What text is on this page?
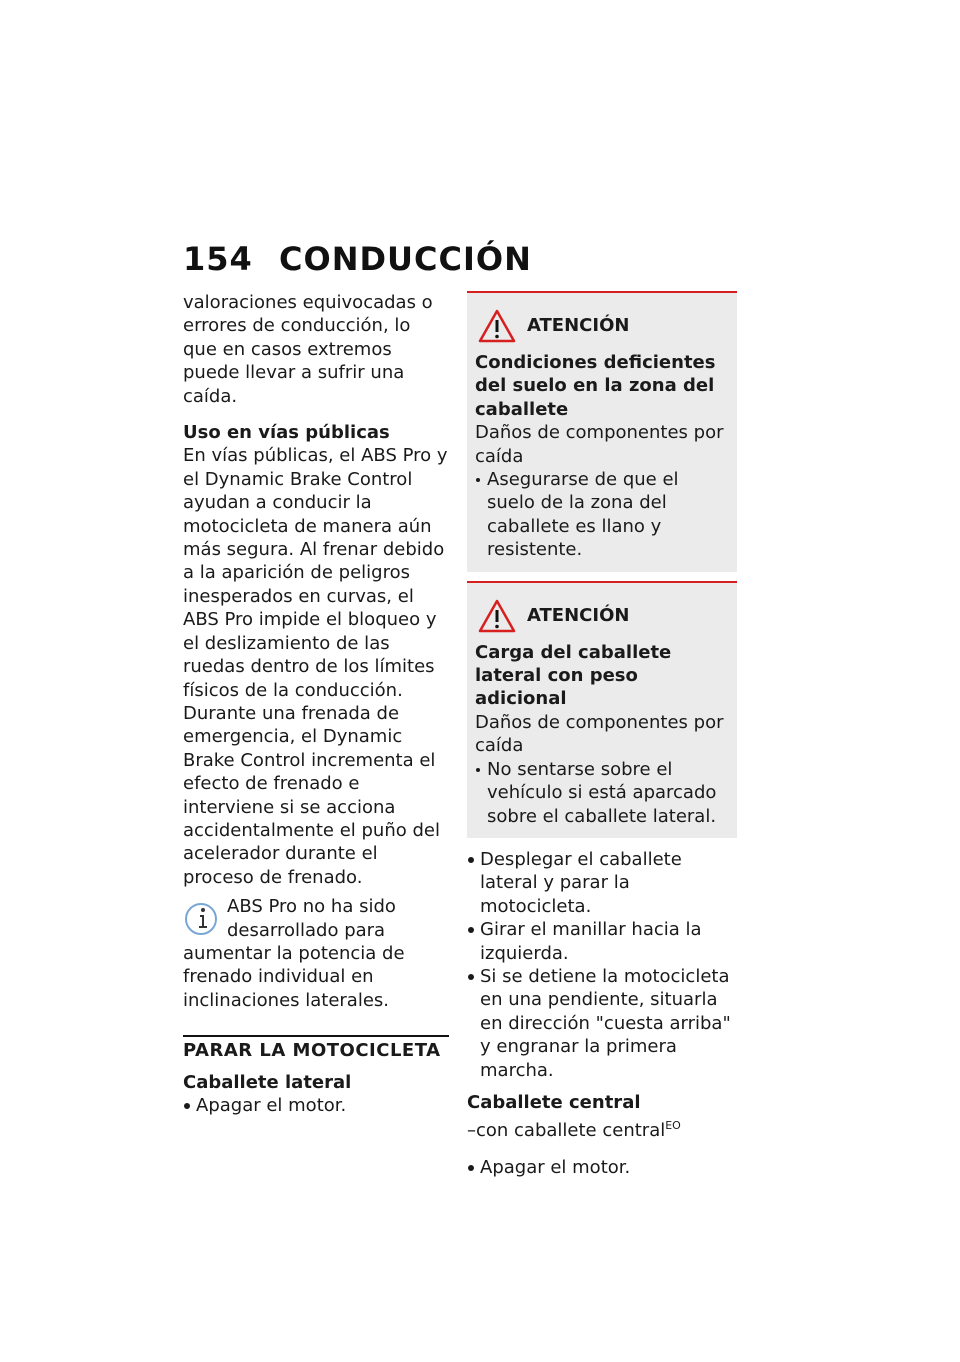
154 CONDUCCIÓN

valoraciones equivocadas o errores de conducción, lo que en casos extremos puede llevar a sufrir una caída.

Uso en vías públicas

En vías públicas, el ABS Pro y el Dynamic Brake Control ayudan a conducir la motocicleta de manera aún más segura. Al frenar debido a la aparición de peligros inesperados en curvas, el ABS Pro impide el bloqueo y el deslizamiento de las ruedas dentro de los límites físicos de la conducción. Durante una frenada de emergencia, el Dynamic Brake Control incrementa el efecto de frenado e interviene si se acciona accidentalmente el puño del acelerador durante el proceso de frenado.

ABS Pro no ha sido desarrollado para aumentar la potencia de frenado individual en inclinaciones laterales.

PARAR LA MOTOCICLETA

Caballete lateral

Apagar el motor.
ATENCIÓN

Condiciones deficientes del suelo en la zona del caballete

Daños de componentes por caída

Asegurarse de que el suelo de la zona del caballete es llano y resistente.
ATENCIÓN

Carga del caballete lateral con peso adicional

Daños de componentes por caída

No sentarse sobre el vehículo si está aparcado sobre el caballete lateral.
Desplegar el caballete lateral y parar la motocicleta.
Girar el manillar hacia la izquierda.
Si se detiene la motocicleta en una pendiente, situarla en dirección "cuesta arriba" y engranar la primera marcha.

Caballete central

–con caballete central$^{EO}$

Apagar el motor.
